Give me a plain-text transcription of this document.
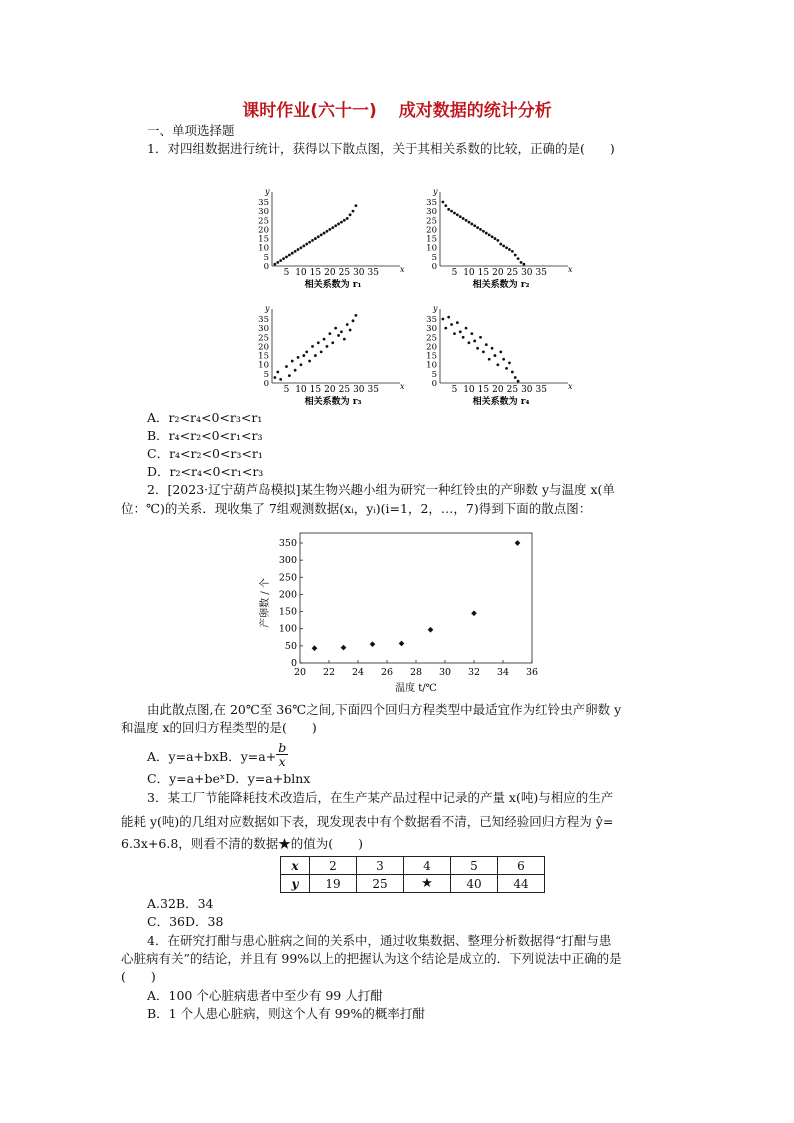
课时作业(六十一) 成对数据的统计分析
一、单项选择题
1．对四组数据进行统计，获得以下散点图，关于其相关系数的比较，正确的是(　　)
y
x
0
5
10
15
20
25
30
35
5 10 15 20 25 30 35
相关系数为 r₁
y
x
0
5
10
15
20
25
30
35
5 10 15 20 25 30 35
相关系数为 r₂
y
x
0
5
10
15
20
25
30
35
5 10 15 20 25 30 35
相关系数为 r₃
y
x
0
5
10
15
20
25
30
35
5 10 15 20 25 30 35
相关系数为 r₄
A．r₂<r₄<0<r₃<r₁
B．r₄<r₂<0<r₁<r₃
C．r₄<r₂<0<r₃<r₁
D．r₂<r₄<0<r₁<r₃
2．[2023·辽宁葫芦岛模拟]某生物兴趣小组为研究一种红铃虫的产卵数 y与温度 x(单
位：℃)的关系．现收集了 7组观测数据(xᵢ，yᵢ)(i=1，2，…，7)得到下面的散点图：
0
50
100
150
200
250
300
350
20 22 24 26 28 30 32 34 36
温度 t/℃
产卵数 / 个
由此散点图,在 20℃至 36℃之间,下面四个回归方程类型中最适宜作为红铃虫产卵数 y
和温度 x的回归方程类型的是(　　)
A．y=a+bxB．$y=a+ \frac{b}{x}$
C．y=a+beˣD．y=a+blnx
3．某工厂节能降耗技术改造后，在生产某产品过程中记录的产量 x(吨)与相应的生产
能耗 y(吨)的几组对应数据如下表，现发现表中有个数据看不清，已知经验回归方程为 ŷ=
6.3x+6.8，则看不清的数据★的值为(　　)
x	2	3	4	5	6
y	19	25	★	40	44
A.32B．34
C．36D．38
4．在研究打酣与患心脏病之间的关系中，通过收集数据、整理分析数据得“打酣与患
心脏病有关”的结论，并且有 99%以上的把握认为这个结论是成立的．下列说法中正确的是
(　　)
A．100 个心脏病患者中至少有 99 人打酣
B．1 个人患心脏病，则这个人有 99%的概率打酣
